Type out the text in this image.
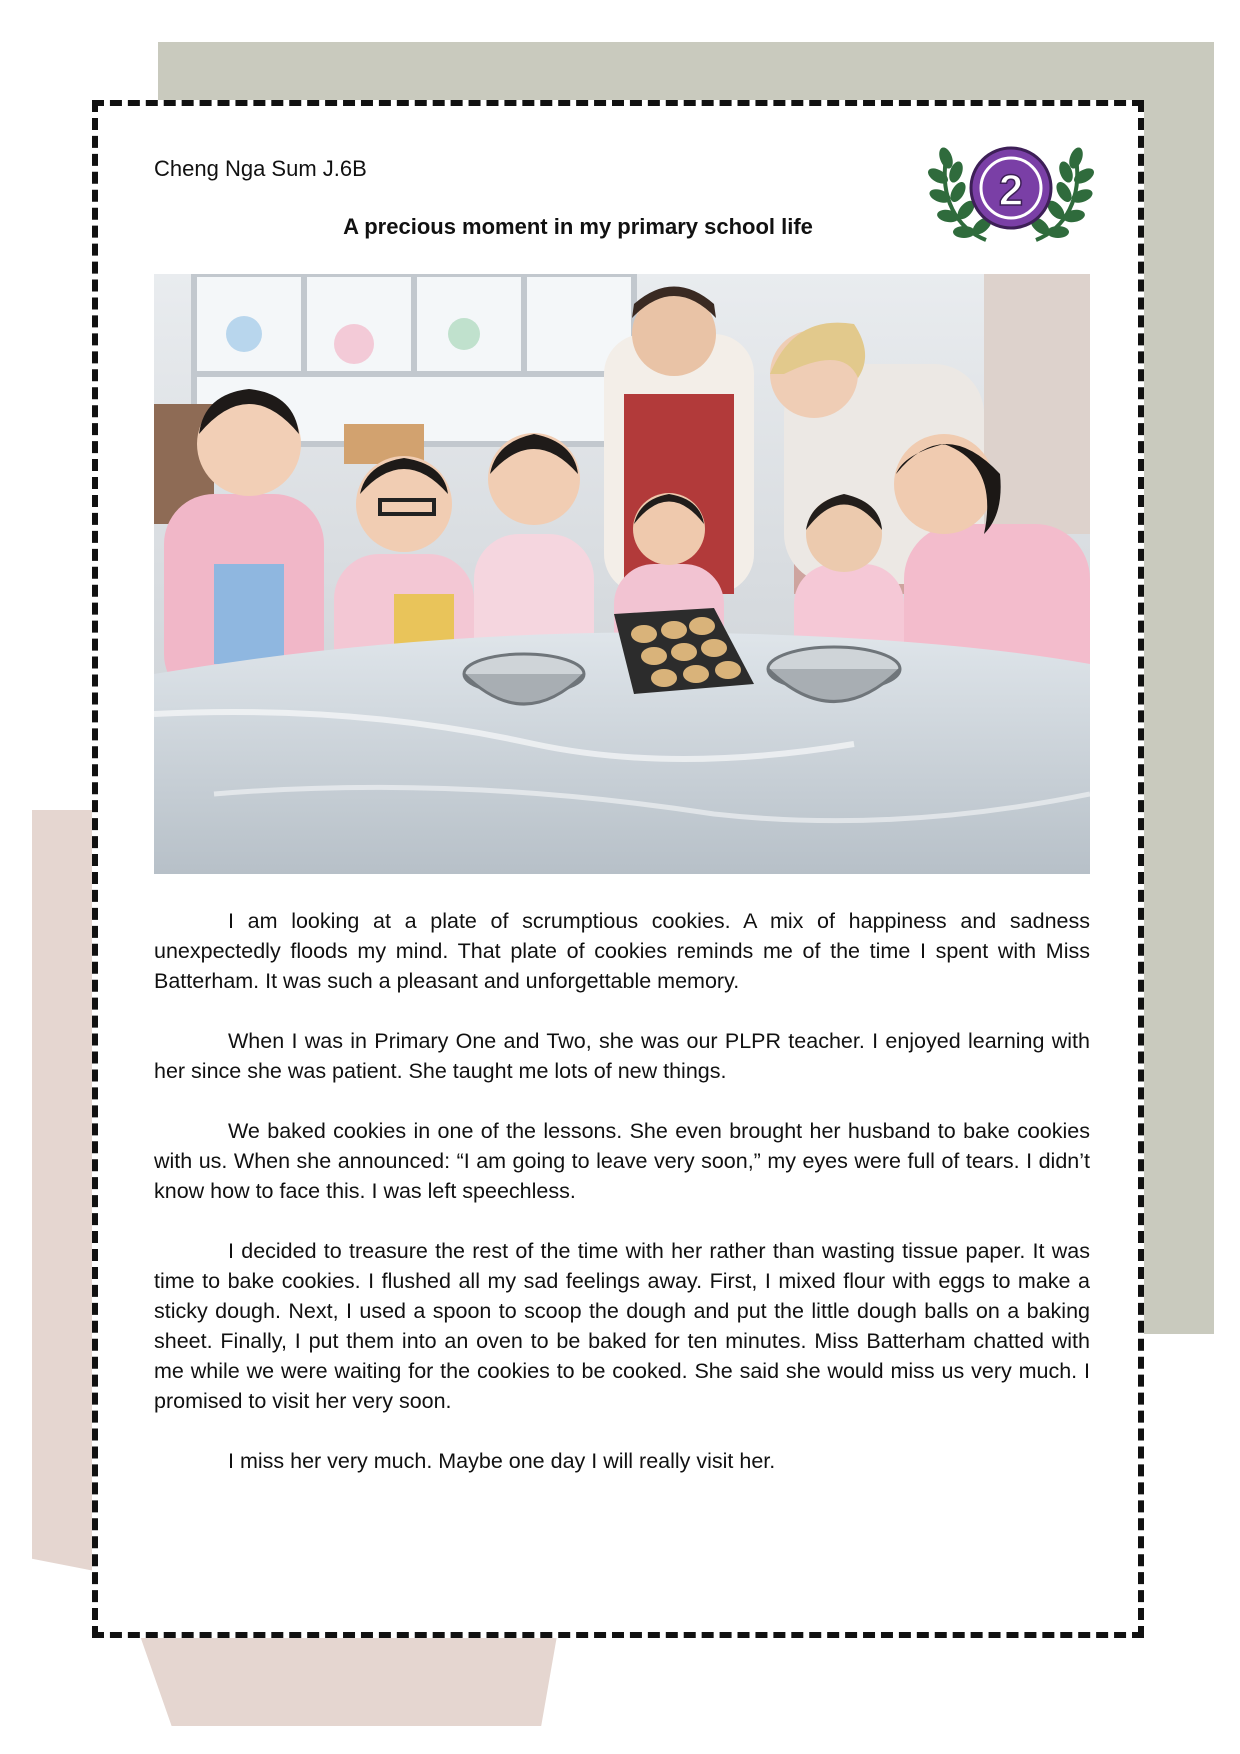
Cheng Nga Sum J.6B
A precious moment in my primary school life
2

I am looking at a plate of scrumptious cookies. A mix of happiness and sadness unexpectedly floods my mind. That plate of cookies reminds me of the time I spent with Miss Batterham. It was such a pleasant and unforgettable memory.

When I was in Primary One and Two, she was our PLPR teacher. I enjoyed learning with her since she was patient. She taught me lots of new things.

We baked cookies in one of the lessons. She even brought her husband to bake cookies with us. When she announced: “I am going to leave very soon,” my eyes were full of tears. I didn’t know how to face this. I was left speechless.

I decided to treasure the rest of the time with her rather than wasting tissue paper. It was time to bake cookies. I flushed all my sad feelings away. First, I mixed flour with eggs to make a sticky dough. Next, I used a spoon to scoop the dough and put the little dough balls on a baking sheet. Finally, I put them into an oven to be baked for ten minutes. Miss Batterham chatted with me while we were waiting for the cookies to be cooked. She said she would miss us very much. I promised to visit her very soon.

I miss her very much. Maybe one day I will really visit her.
